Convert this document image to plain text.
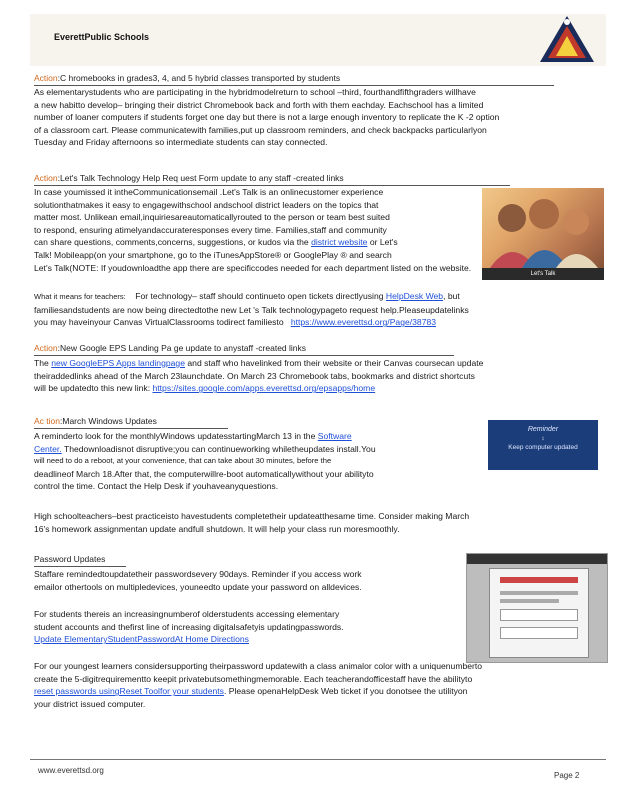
EverettPublic Schools
Action:C hromebooks in grades3, 4, and 5 hybrid classes transported by students
As elementarystudents who are participating in the hybridmodelreturn to school –third, fourthandfifthgraders willhave
a new habitto develop– bringing their district Chromebook back and forth with them eachday. Eachschool has a limited
number of loaner computers if students forget one day but there is not a large enough inventory to replicate the K -2 option
of a classroom cart. Please communicatewith families,put up classroom reminders, and check backpacks particularlyon
Tuesday and Friday afternoons so intermediate students can stay connected.
Action:Let's Talk Technology Help Req uest Form update to any staff -created links
In case youmissed it intheCommunicationsemail .Let's Talk is an onlinecustomer experience
solutionthatmakes it easy to engagewithschool andschool district leaders on the topics that
matter most. Unlikean email,inquiriesareautomaticallyrouted to the person or team best suited
to respond, ensuring atimelyandaccurateresponses every time. Families,staff and community
can share questions, comments,concerns, suggestions, or kudos via the district website or Let's
Talk! Mobileapp(on your smartphone, go to the iTunesAppStore® or GooglePlay ® and search
Let's Talk(NOTE: If youdownloadthe app there are specificcodes needed for each department listed on the website.
Let's Talk
What it means for teachers: For technology– staff should continueto open tickets directlyusing HelpDesk Web, but
familiesandstudents are now being directedtothe new Let 's Talk technologypageto request help.Pleaseupdatelinks
you may haveinyour Canvas VirtualClassrooms todirect familiesto https://www.everettsd.org/Page/38783
Action:New Google EPS Landing Pa ge update to anystaff -created links
The new GoogleEPS Apps landingpage and staff who havelinked from their website or their Canvas coursecan update
theiraddedlinks ahead of the March 23launchdate. On March 23 Chromebook tabs, bookmarks and district shortcuts
will be updatedto this new link: https://sites.google.com/apps.everettsd.org/epsapps/home
Ac tion:March Windows Updates
A reminderto look for the monthlyWindows updatesstartingMarch 13 in the Software
Center. Thedownloadisnot disruptive;you can continueworking whiletheupdates install.You
will need to do a reboot, at your convenience, that can take about 30 minutes, before the
deadlineof March 18.After that, the computerwillre-boot automaticallywithout your abilityto
control the time. Contact the Help Desk if youhaveanyquestions.
Reminder
↕
Keep computer updated
High schoolteachers–best practiceisto havestudents completetheir updateatthesame time. Consider making March
16's homework assignmentan update andfull shutdown. It will help your class run moresmoothly.
Password Updates
Staffare remindedtoupdatetheir passwordsevery 90days. Reminder if you access work
emailor othertools on multipledevices, youneedto update your password on alldevices.
For students thereis an increasingnumberof olderstudents accessing elementary
student accounts and thefirst line of increasing digitalsafetyis updatingpasswords.
Update ElementaryStudentPasswordAt Home Directions
For our youngest learners considersupporting theirpassword updatewith a class animalor color with a uniquenumberto
create the 5-digitrequirementto keepit privatebutsomethingmemorable. Each teacherandofficestaff have the abilityto
reset passwords usingReset Toolfor your students. Please openaHelpDesk Web ticket if you donotsee the utilityon
your district issued computer.
www.everettsd.org
Page 2
